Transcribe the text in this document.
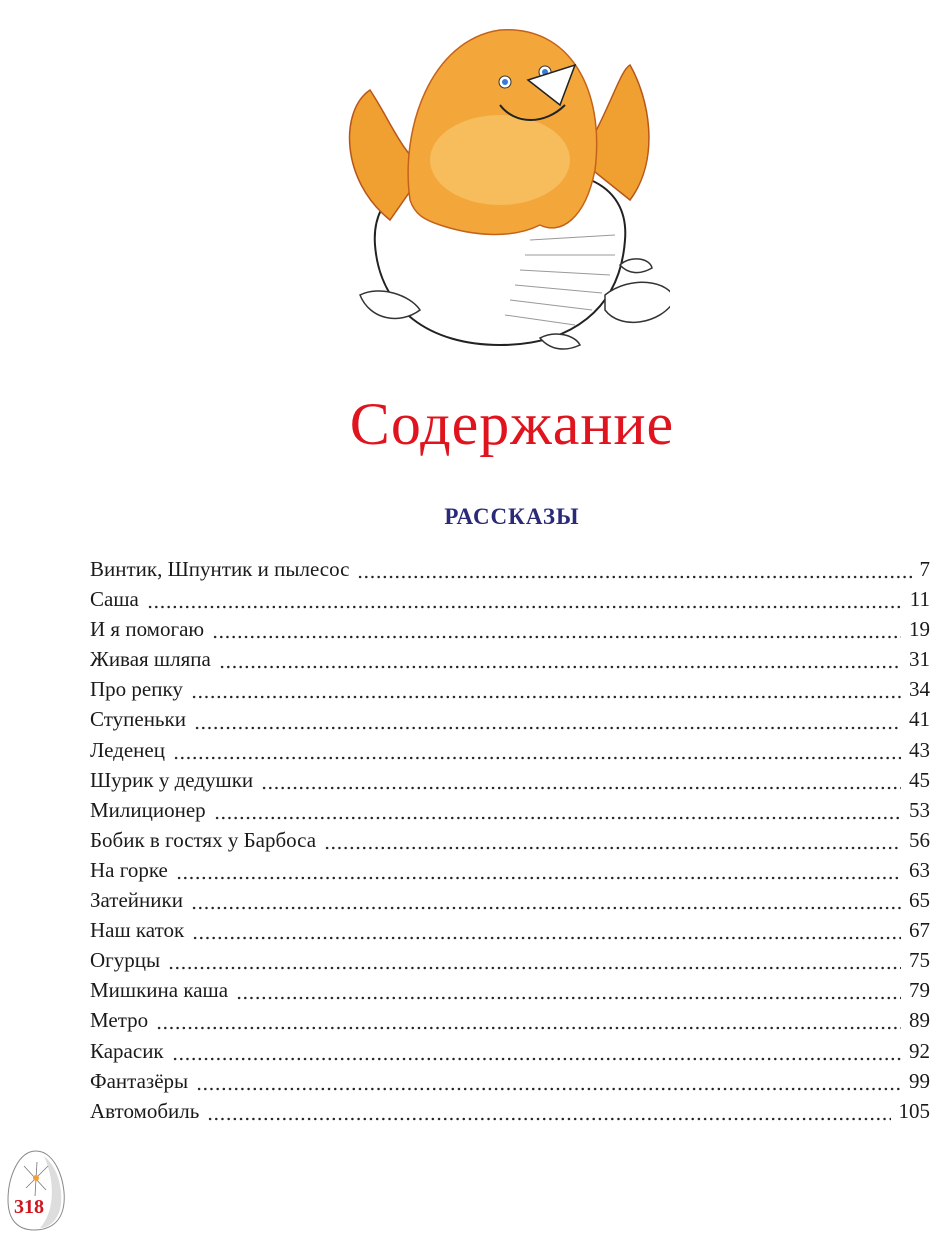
Содержание
РАССКАЗЫ
Винтик, Шпунтик и пылесос	7
Саша	11
И я помогаю	19
Живая шляпа	31
Про репку	34
Ступеньки	41
Леденец	43
Шурик у дедушки	45
Милиционер	53
Бобик в гостях у Барбоса	56
На горке	63
Затейники	65
Наш каток	67
Огурцы	75
Мишкина каша	79
Метро	89
Карасик	92
Фантазёры	99
Автомобиль	105
318
